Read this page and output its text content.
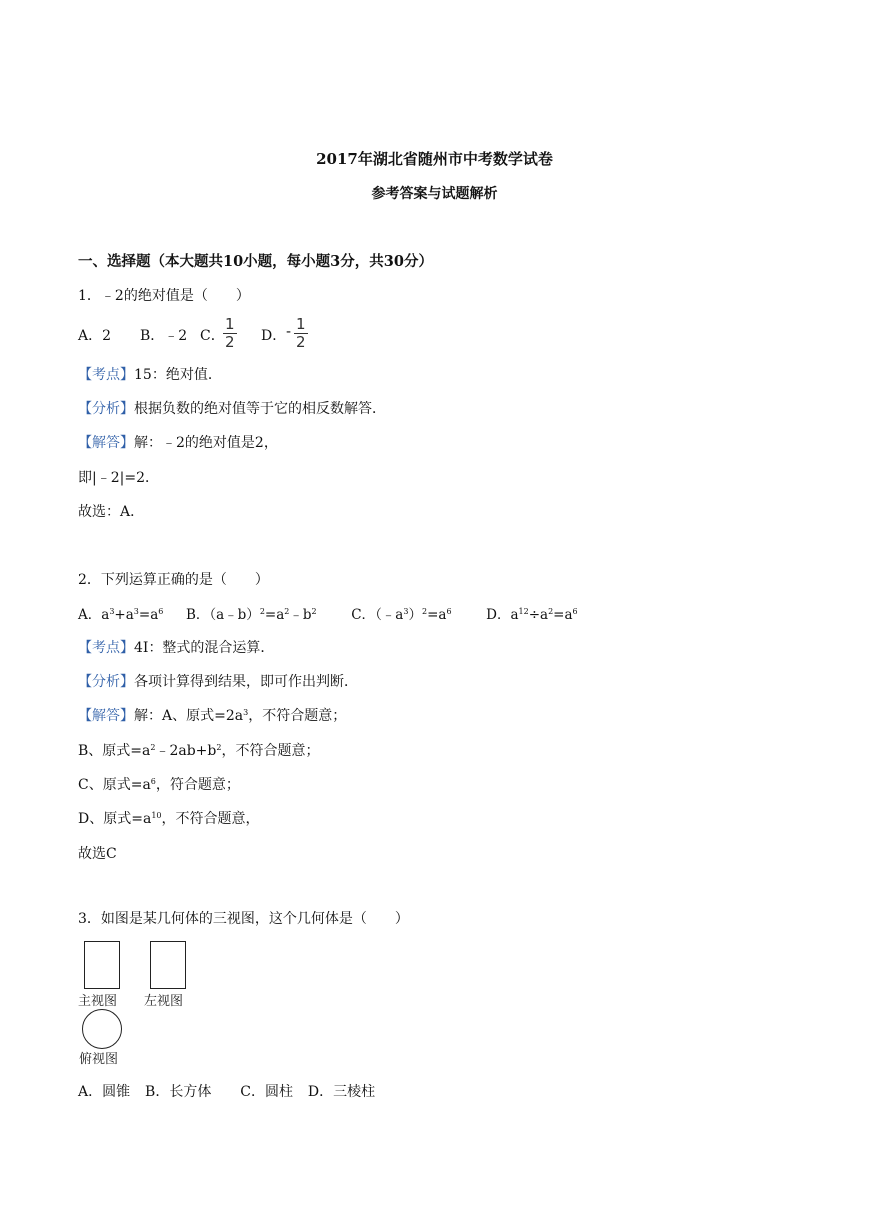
2017年湖北省随州市中考数学试卷
参考答案与试题解析
一、选择题（本大题共10小题，每小题3分，共30分）
1．﹣2的绝对值是（　　）
A．2 B．﹣2 C．
$\frac{1}{2}$ D． - $\frac{1}{2}$
【考点】15：绝对值．
【分析】根据负数的绝对值等于它的相反数解答．
【解答】解：﹣2的绝对值是2，
即|﹣2|=2．
故选：A．
2．下列运算正确的是（　　）
A．$a^3+a^3=a^6$ B．$(a﹣b)^2=a^2﹣b^2$	C．$(﹣a^3)^2=a^6$	D．$a^{12}\div a^2=a^6$
【考点】4I：整式的混合运算．
【分析】各项计算得到结果，即可作出判断．
【解答】解：A、原式$=2a^3$，不符合题意；
B、原式$=a^2﹣2ab+b^2$，不符合题意；
C、原式$=a^6$，符合题意；
D、原式$=a^{10}$，不符合题意，
故选C
3．如图是某几何体的三视图，这个几何体是（　　）
主视图 左视图
俯视图
A．圆锥 B．长方体 C．圆柱 D．三棱柱
